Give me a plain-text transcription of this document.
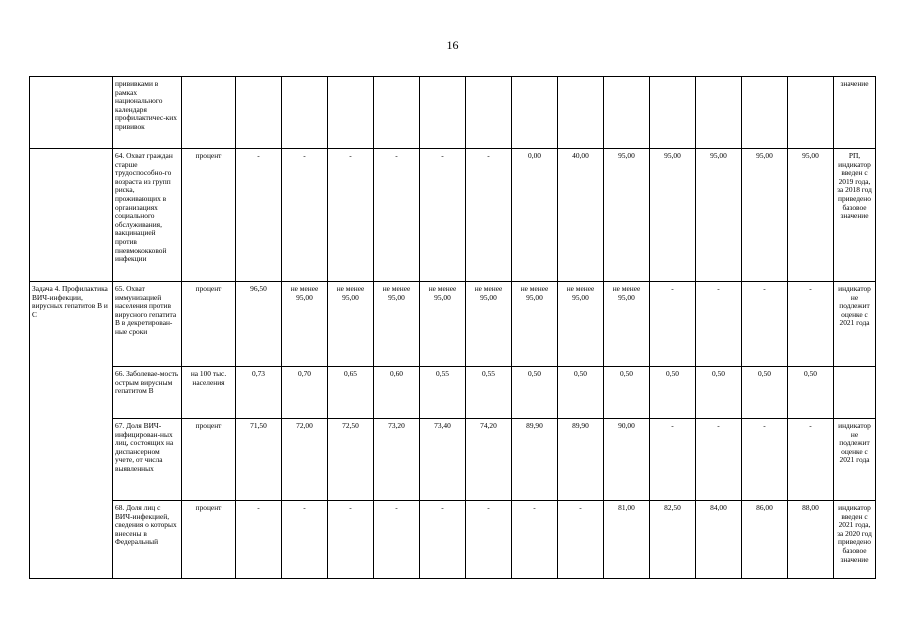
16
	прививками в рамках национального календаря профилактичес-ких прививок															значение
	64. Охват граждан старше трудоспособно-го возраста из групп риска, проживающих в организациях социального обслуживания, вакцинацией против пневмококковой инфекции	процент	-	-	-	-	-	-	0,00	40,00	95,00	95,00	95,00	95,00	95,00	РП, индикатор введен с 2019 года, за 2018 год приведено базовое значение
Задача 4. Профилактика ВИЧ-инфекции, вирусных гепатитов В и С	65. Охват иммунизацией населения против вирусного гепатита В в декретирован-ные сроки	процент	96,50	не менее 95,00	не менее 95,00	не менее 95,00	не менее 95,00	не менее 95,00	не менее 95,00	не менее 95,00	не менее 95,00	-	-	-	-	индикатор не подлежит оценке с 2021 года
	66. Заболевае-мость острым вирусным гепатитом В	на 100 тыс. населения	0,73	0,70	0,65	0,60	0,55	0,55	0,50	0,50	0,50	0,50	0,50	0,50	0,50	
	67. Доля ВИЧ-инфицирован-ных лиц, состоящих на диспансерном учете, от числа выявленных	процент	71,50	72,00	72,50	73,20	73,40	74,20	89,90	89,90	90,00	-	-	-	-	индикатор не подлежит оценке с 2021 года
	68. Доля лиц с ВИЧ-инфекцией, сведения о которых внесены в Федеральный	процент	-	-	-	-	-	-	-	-	81,00	82,50	84,00	86,00	88,00	индикатор введен с 2021 года, за 2020 год приведено базовое значение
